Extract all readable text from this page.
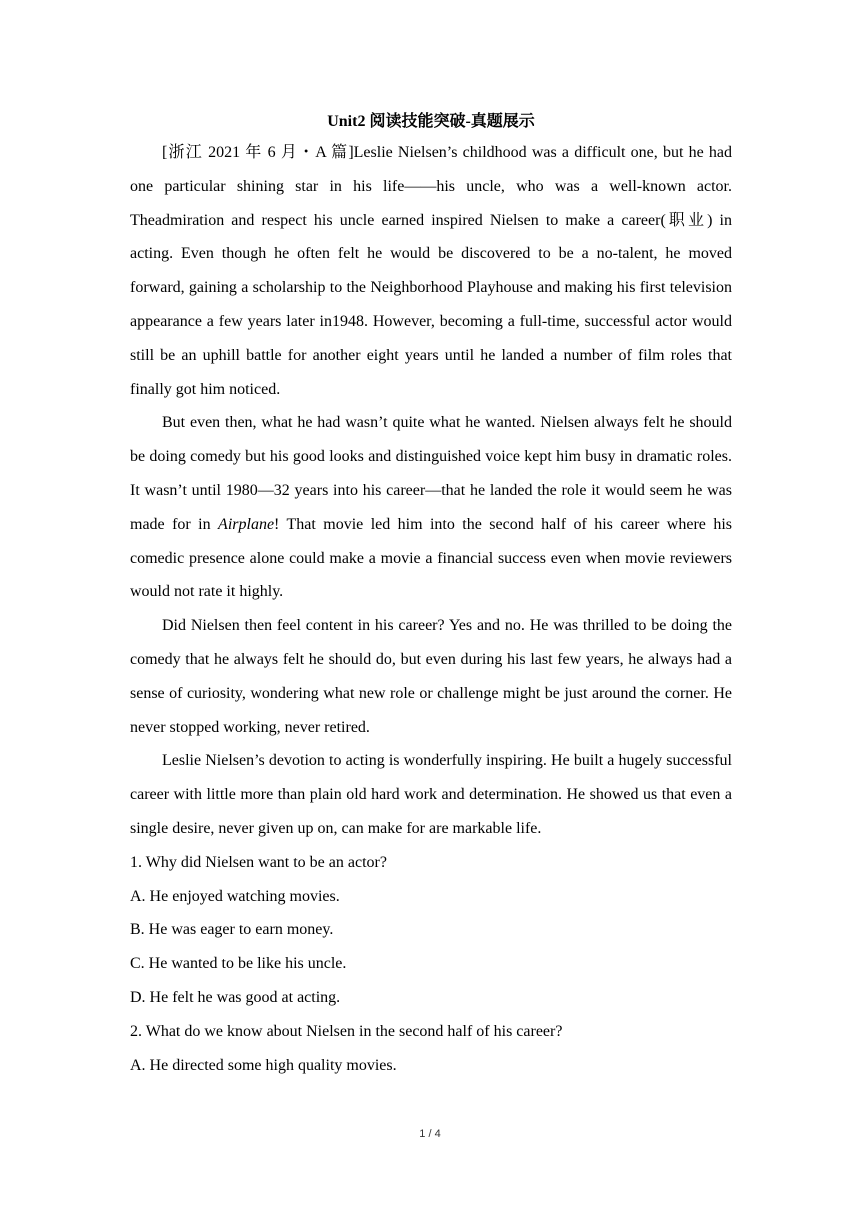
Unit2 阅读技能突破-真题展示

[浙江 2021 年 6 月・A 篇]Leslie Nielsen’s childhood was a difficult one, but he had one particular shining star in his life——his uncle, who was a well-known actor. Theadmiration and respect his uncle earned inspired Nielsen to make a career(职业) in acting. Even though he often felt he would be discovered to be a no-talent, he moved forward, gaining a scholarship to the Neighborhood Playhouse and making his first television appearance a few years later in1948. However, becoming a full-time, successful actor would still be an uphill battle for another eight years until he landed a number of film roles that finally got him noticed.

But even then, what he had wasn’t quite what he wanted. Nielsen always felt he should be doing comedy but his good looks and distinguished voice kept him busy in dramatic roles. It wasn’t until 1980—32 years into his career—that he landed the role it would seem he was made for in Airplane! That movie led him into the second half of his career where his comedic presence alone could make a movie a financial success even when movie reviewers would not rate it highly.

Did Nielsen then feel content in his career? Yes and no. He was thrilled to be doing the comedy that he always felt he should do, but even during his last few years, he always had a sense of curiosity, wondering what new role or challenge might be just around the corner. He never stopped working, never retired.

Leslie Nielsen’s devotion to acting is wonderfully inspiring. He built a hugely successful career with little more than plain old hard work and determination. He showed us that even a single desire, never given up on, can make for are markable life.

1. Why did Nielsen want to be an actor?

A. He enjoyed watching movies.

B. He was eager to earn money.

C. He wanted to be like his uncle.

D. He felt he was good at acting.

2. What do we know about Nielsen in the second half of his career?

A. He directed some high quality movies.

1 / 4
